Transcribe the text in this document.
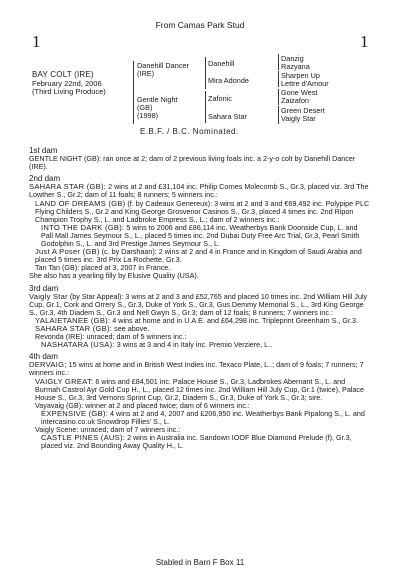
From Camas Park Stud
1	1
BAY COLT (IRE)
February 22nd, 2006
(Third Living Produce)
Danehill Dancer
(IRE)
Gentle Night
(GB)
(1998)
Danehill
Mira Adonde
Zafonic
Sahara Star
Danzig
Razyana
Sharpen Up
Lettre d'Amour
Gone West
Zaizafon
Green Desert
Vaigly Star
E.B.F. / B.C. Nominated.

1st dam

GENTLE NIGHT (GB): ran once at 2; dam of 2 previous living foals inc. a 2-y-o colt by Danehill Dancer (IRE).

2nd dam

SAHARA STAR (GB): 2 wins at 2 and £31,104 inc. Philip Cornes Molecomb S., Gr.3, placed viz. 3rd The Lowther S., Gr.2; dam of 11 foals; 8 runners; 5 winners inc.:

LAND OF DREAMS (GB) (f. by Cadeaux Genereux): 3 wins at 2 and 3 and €69,492 inc. Polypipe PLC Flying Childers S., Gr.2 and King George Grosvenor Casinos S., Gr.3, placed 4 times inc. 2nd Ripon Champion Trophy S., L. and Ladbroke Empress S., L.; dam of 2 winners inc.:

INTO THE DARK (GB): 5 wins to 2006 and £86,114 inc. Weatherbys Bank Doonside Cup, L. and Pall Mall James Seymour S., L., placed 5 times inc. 2nd Dubai Duty Free Arc Trial, Gr.3, Pearl Smith Godolphin S., L. and 3rd Prestige James Seymour S., L.

Just A Poser (GB) (c. by Darshaan): 2 wins at 2 and 4 in France and in Kingdom of Saudi Arabia and placed 5 times inc. 3rd Prix La Rochette, Gr.3.

Tan Tan (GB): placed at 3, 2007 in France.

She also has a yearling filly by Elusive Quality (USA).

3rd dam

Vaigly Star (by Star Appeal): 3 wins at 2 and 3 and £52,765 and placed 10 times inc. 2nd William Hill July Cup, Gr.1, Cork and Orrery S., Gr.3, Duke of York S., Gr.3, Gus Demmy Memorial S., L., 3rd King George S., Gr.3, 4th Diadem S., Gr.3 and Nell Gwyn S., Gr.3; dam of 12 foals; 8 runners; 7 winners inc.:

YALAIETANEE (GB): 4 wins at home and in U.A.E. and £64,298 inc. Tripleprint Greenham S., Gr.3.

SAHARA STAR (GB): see above.

Revonda (IRE): unraced; dam of 5 winners inc.:

NASHATARA (USA): 3 wins at 3 and 4 in Italy inc. Premio Verziere, L..

4th dam

DERVAIG; 15 wins at home and in British West Indies inc. Texaco Plate, L..; dam of 9 foals; 7 runners; 7 winners inc.:

VAIGLY GREAT: 6 wins and £84,501 inc. Palace House S., Gr.3, Ladbrokes Abernant S., L. and Burmah Castrol Ayr Gold Cup H., L., placed 12 times inc. 2nd William Hill July Cup, Gr.1 (twice), Palace House S., Gr.3, 3rd Vernons Sprint Cup, Gr.2, Diadem S., Gr.3, Duke of York S., Gr.3; sire.

Vayavaig (GB): winner at 2 and placed twice; dam of 6 winners inc.:

EXPENSIVE (GB): 4 wins at 2 and 4, 2007 and £206,950 inc. Weatherbys Bank Pipalong S., L. and intercasino.co.uk Snowdrop Fillies' S., L.

Vaigly Scene: unraced; dam of 7 winners inc.:

CASTLE PINES (AUS): 2 wins in Australia inc. Sandown IOOF Blue Diamond Prelude (f), Gr.3, placed viz. 2nd Bounding Away Quality H., L.

Stabled in Barn F Box 11
